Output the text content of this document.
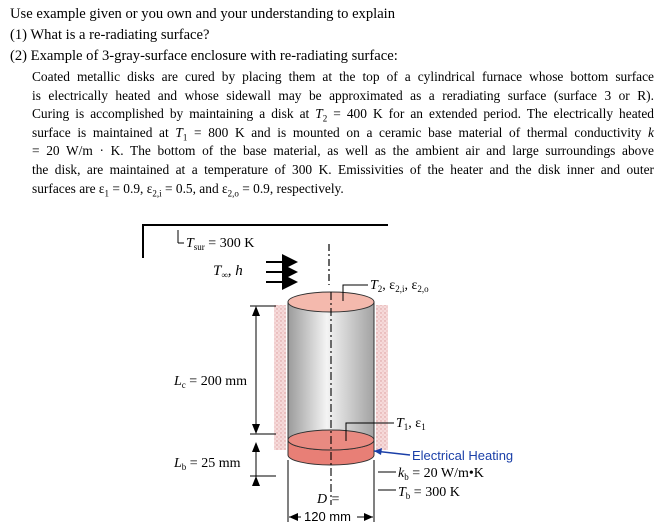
Use example given or you own and your understanding to explain
(1) What is a re-radiating surface?
(2) Example of 3-gray-surface enclosure with re-radiating surface:
Coated metallic disks are cured by placing them at the top of a cylindrical furnace whose bottom surface
is electrically heated and whose sidewall may be approximated as a reradiating surface (surface 3 or R).
Curing is accomplished by maintaining a disk at $T_2 = 400$ K for an extended period. The electrically heated
surface is maintained at $T_1 = 800$ K and is mounted on a ceramic base material of thermal conductivity k
= 20 W/m · K. The bottom of the base material, as well as the ambient air and large surroundings above
the disk, are maintained at a temperature of 300 K. Emissivities of the heater and the disk inner and outer
surfaces are $\varepsilon_1 = 0.9$, $\varepsilon_{2,i} = 0.5$, and $\varepsilon_{2,o} = 0.9$, respectively.
$T_{sur} = 300$ K
$T_\infty$, h
$T_2$, $\varepsilon_{2,i}$, $\varepsilon_{2,o}$
$L_c = 200$ mm
$L_b = 25$ mm
$T_1$, $\varepsilon_1$
Electrical Heating
$k_b = 20$ W/m•K
$T_b = 300$ K
D =
120 mm
